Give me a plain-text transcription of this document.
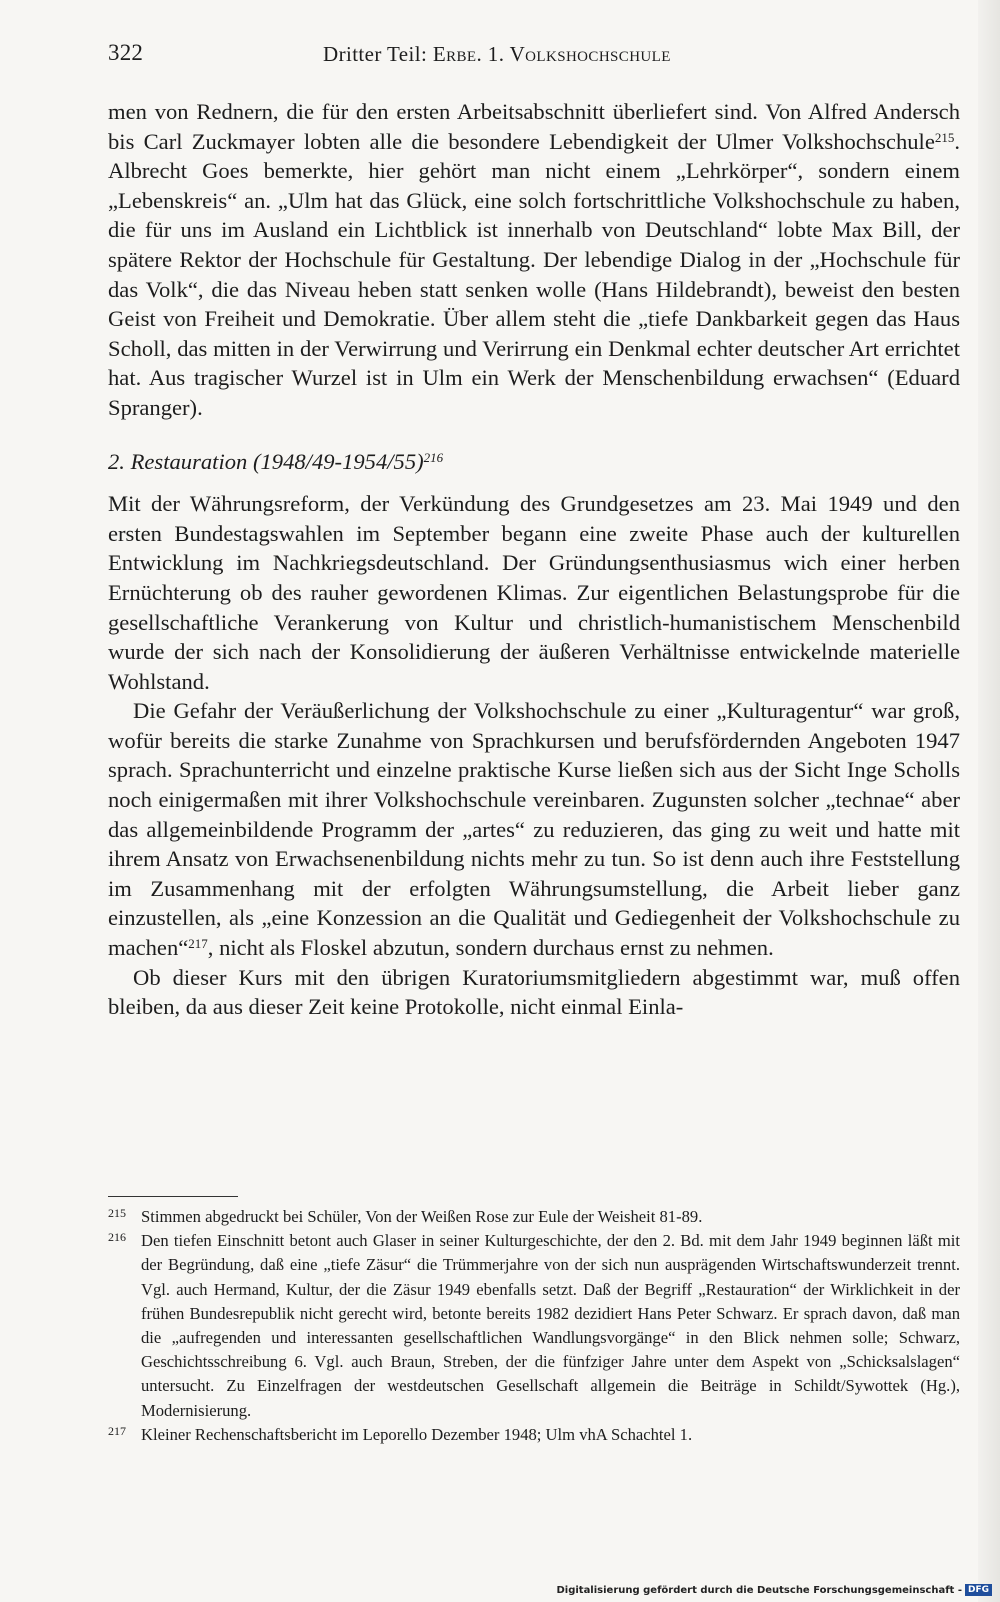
322	Dritter Teil: Erbe. 1. Volkshochschule

men von Rednern, die für den ersten Arbeitsabschnitt überliefert sind. Von Alfred Andersch bis Carl Zuckmayer lobten alle die besondere Lebendigkeit der Ulmer Volkshochschule$^{215}$. Albrecht Goes bemerkte, hier gehört man nicht einem „Lehrkörper“, sondern einem „Lebenskreis“ an. „Ulm hat das Glück, eine solch fortschrittliche Volkshochschule zu haben, die für uns im Ausland ein Lichtblick ist innerhalb von Deutschland“ lobte Max Bill, der spätere Rektor der Hochschule für Gestaltung. Der lebendige Dialog in der „Hochschule für das Volk“, die das Niveau heben statt senken wolle (Hans Hildebrandt), beweist den besten Geist von Freiheit und Demokratie. Über allem steht die „tiefe Dankbarkeit gegen das Haus Scholl, das mitten in der Verwirrung und Verirrung ein Denkmal echter deutscher Art errichtet hat. Aus tragischer Wurzel ist in Ulm ein Werk der Menschenbildung erwachsen“ (Eduard Spranger).

2. Restauration $(1948/49-1954/55)^{216}$

Mit der Währungsreform, der Verkündung des Grundgesetzes am 23. Mai 1949 und den ersten Bundestagswahlen im September begann eine zweite Phase auch der kulturellen Entwicklung im Nachkriegsdeutschland. Der Gründungsenthusiasmus wich einer herben Ernüchterung ob des rauher gewordenen Klimas. Zur eigentlichen Belastungsprobe für die gesellschaftliche Verankerung von Kultur und christlich-humanistischem Menschenbild wurde der sich nach der Konsolidierung der äußeren Verhältnisse entwickelnde materielle Wohlstand.

Die Gefahr der Veräußerlichung der Volkshochschule zu einer „Kulturagentur“ war groß, wofür bereits die starke Zunahme von Sprachkursen und berufsfördernden Angeboten 1947 sprach. Sprachunterricht und einzelne praktische Kurse ließen sich aus der Sicht Inge Scholls noch einigermaßen mit ihrer Volkshochschule vereinbaren. Zugunsten solcher „technae“ aber das allgemeinbildende Programm der „artes“ zu reduzieren, das ging zu weit und hatte mit ihrem Ansatz von Erwachsenenbildung nichts mehr zu tun. So ist denn auch ihre Feststellung im Zusammenhang mit der erfolgten Währungsumstellung, die Arbeit lieber ganz einzustellen, als „eine Konzession an die Qualität und Gediegenheit der Volkshochschule zu machen“$^{217}$, nicht als Floskel abzutun, sondern durchaus ernst zu nehmen.

Ob dieser Kurs mit den übrigen Kuratoriumsmitgliedern abgestimmt war, muß offen bleiben, da aus dieser Zeit keine Protokolle, nicht einmal Einla-

215 Stimmen abgedruckt bei Schüler, Von der Weißen Rose zur Eule der Weisheit 81-89.

216 Den tiefen Einschnitt betont auch Glaser in seiner Kulturgeschichte, der den 2. Bd. mit dem Jahr 1949 beginnen läßt mit der Begründung, daß eine „tiefe Zäsur“ die Trümmerjahre von der sich nun ausprägenden Wirtschaftswunderzeit trennt. Vgl. auch Hermand, Kultur, der die Zäsur 1949 ebenfalls setzt. Daß der Begriff „Restauration“ der Wirklichkeit in der frühen Bundesrepublik nicht gerecht wird, betonte bereits 1982 dezidiert Hans Peter Schwarz. Er sprach davon, daß man die „aufregenden und interessanten gesellschaftlichen Wandlungsvorgänge“ in den Blick nehmen solle; Schwarz, Geschichtsschreibung 6. Vgl. auch Braun, Streben, der die fünfziger Jahre unter dem Aspekt von „Schicksalslagen“ untersucht. Zu Einzelfragen der westdeutschen Gesellschaft allgemein die Beiträge in Schildt/Sywottek (Hg.), Modernisierung.

217 Kleiner Rechenschaftsbericht im Leporello Dezember 1948; Ulm vhA Schachtel 1.

Digitalisierung gefördert durch die Deutsche Forschungsgemeinschaft - DFG
